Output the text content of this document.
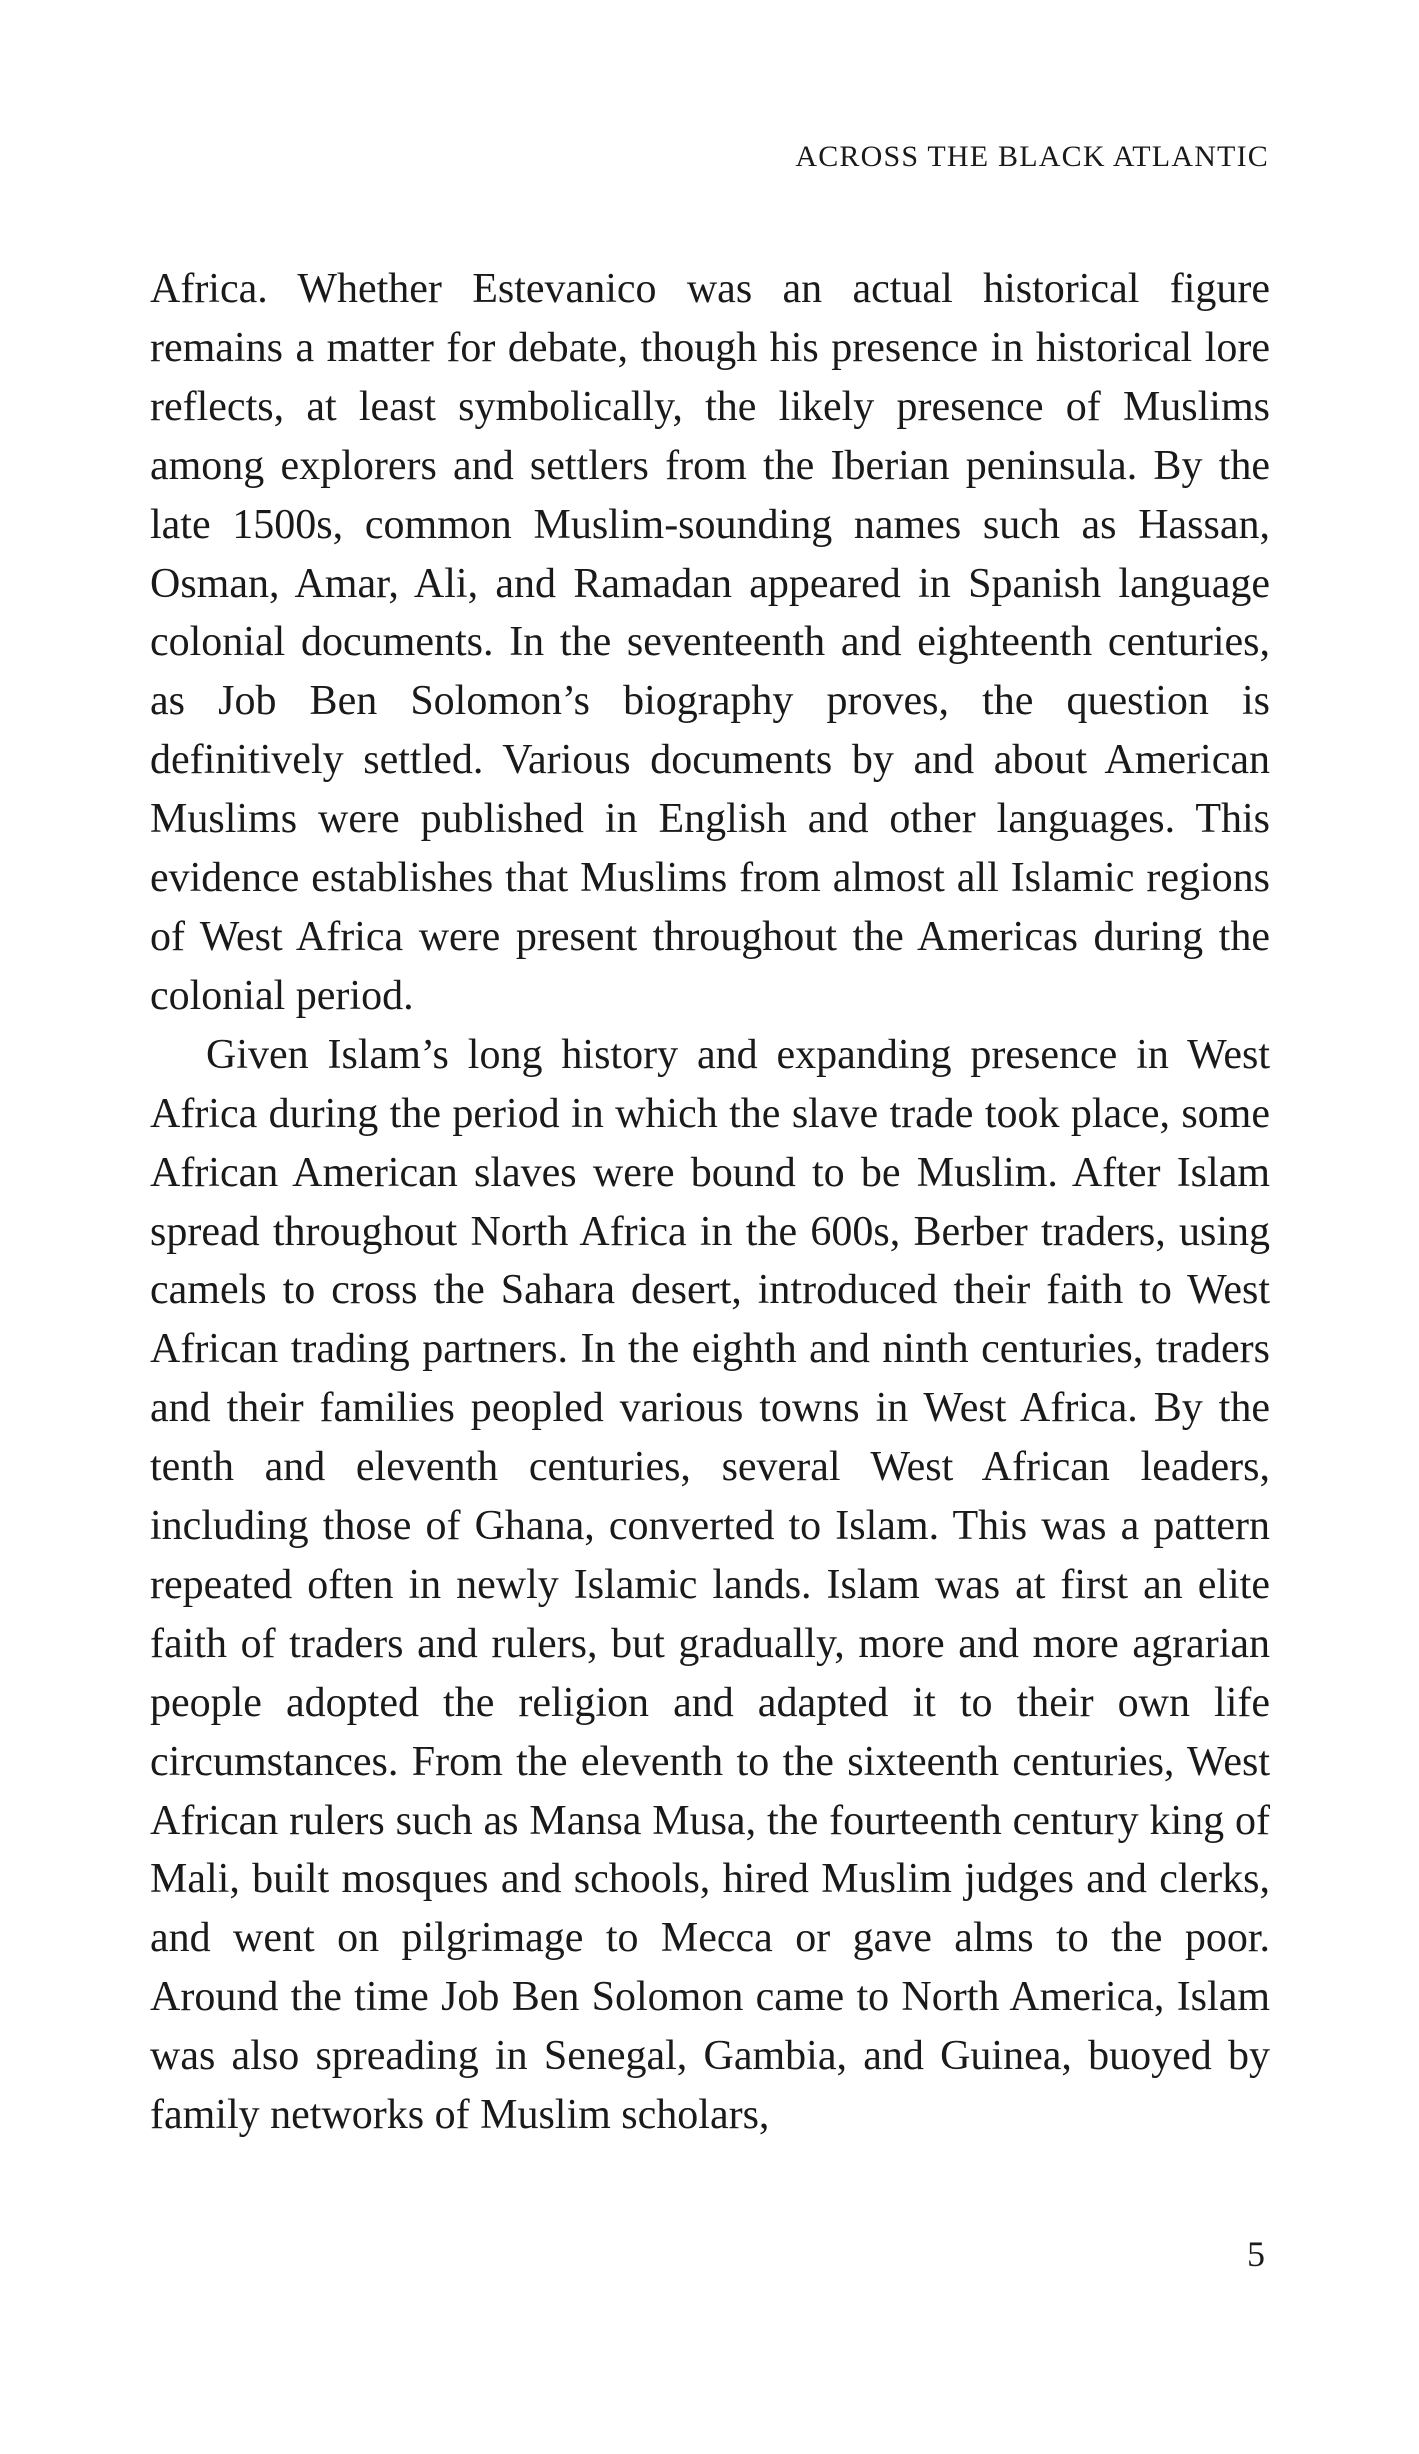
ACROSS THE BLACK ATLANTIC

Africa. Whether Estevanico was an actual historical figure remains a matter for debate, though his presence in historical lore reflects, at least symbolically, the likely presence of Muslims among explorers and settlers from the Iberian peninsula. By the late 1500s, common Muslim-sounding names such as Hassan, Osman, Amar, Ali, and Ramadan appeared in Spanish language colonial documents. In the seventeenth and eighteenth centuries, as Job Ben Solomon’s biography proves, the question is definitively settled. Various documents by and about American Muslims were published in English and other languages. This evidence establishes that Muslims from almost all Islamic regions of West Africa were present throughout the Americas during the colonial period.

Given Islam’s long history and expanding presence in West Africa during the period in which the slave trade took place, some African American slaves were bound to be Muslim. After Islam spread throughout North Africa in the 600s, Berber traders, using camels to cross the Sahara desert, introduced their faith to West African trading partners. In the eighth and ninth centuries, traders and their families peopled various towns in West Africa. By the tenth and eleventh centuries, several West African leaders, including those of Ghana, converted to Islam. This was a pattern repeated often in newly Islamic lands. Islam was at first an elite faith of traders and rulers, but gradually, more and more agrarian people adopted the religion and adapted it to their own life circumstances. From the eleventh to the sixteenth centuries, West African rulers such as Mansa Musa, the fourteenth century king of Mali, built mosques and schools, hired Muslim judges and clerks, and went on pilgrimage to Mecca or gave alms to the poor. Around the time Job Ben Solomon came to North America, Islam was also spreading in Senegal, Gambia, and Guinea, buoyed by family networks of Muslim scholars,

5
